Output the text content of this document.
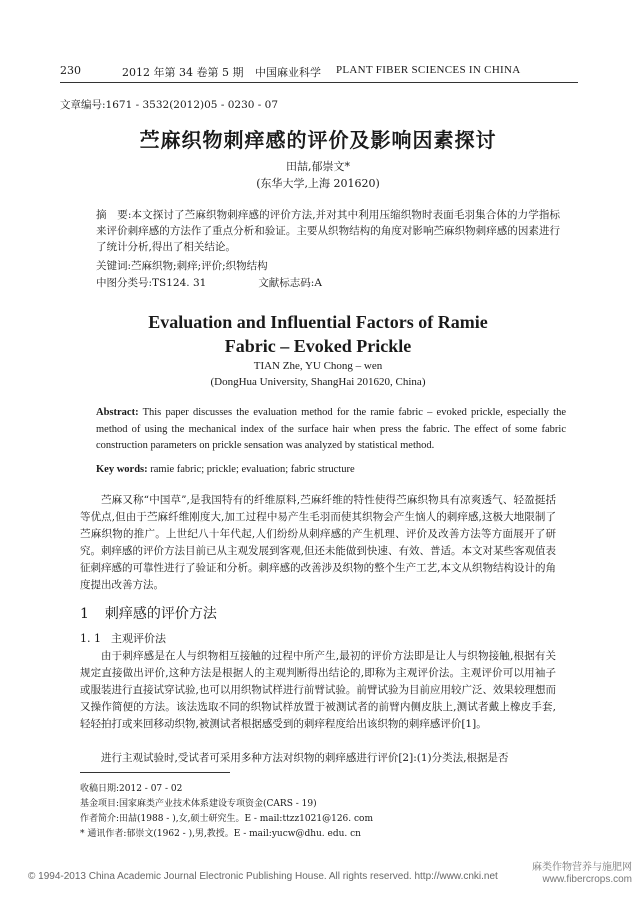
230	2012 年第 34 卷第 5 期 中国麻业科学 PLANT FIBER SCIENCES IN CHINA
文章编号:1671 - 3532(2012)05 - 0230 - 07
苎麻织物刺痒感的评价及影响因素探讨
田喆,郁崇文*
(东华大学,上海 201620)
摘　要:本文探讨了苎麻织物刺痒感的评价方法,并对其中利用压缩织物时表面毛羽集合体的力学指标来评价刺痒感的方法作了重点分析和验证。主要从织物结构的角度对影响苎麻织物刺痒感的因素进行了统计分析,得出了相关结论。
关键词:苎麻织物;刺痒;评价;织物结构
中图分类号:TS124. 31	文献标志码:A
Evaluation and Influential Factors of Ramie
Fabric – Evoked Prickle
TIAN Zhe, YU Chong – wen
(DongHua University, ShangHai 201620, China)
Abstract: This paper discusses the evaluation method for the ramie fabric – evoked prickle, especially the method of using the mechanical index of the surface hair when press the fabric. The effect of some fabric construction parameters on prickle sensation was analyzed by statistical method.
Key words: ramie fabric; prickle; evaluation; fabric structure
苎麻又称“中国草”,是我国特有的纤维原料,苎麻纤维的特性使得苎麻织物具有凉爽透气、轻盈挺括等优点,但由于苎麻纤维刚度大,加工过程中易产生毛羽而使其织物会产生恼人的刺痒感,这极大地限制了苎麻织物的推广。上世纪八十年代起,人们纷纷从刺痒感的产生机理、评价及改善方法等方面展开了研究。刺痒感的评价方法目前已从主观发展到客观,但还未能做到快速、有效、普适。本文对某些客观值表征刺痒感的可靠性进行了验证和分析。刺痒感的改善涉及织物的整个生产工艺,本文从织物结构设计的角度提出改善方法。
1 刺痒感的评价方法
1. 1 主观评价法
由于刺痒感是在人与织物相互接触的过程中所产生,最初的评价方法即是让人与织物接触,根据有关规定直接做出评价,这种方法是根据人的主观判断得出结论的,即称为主观评价法。主观评价可以用袖子或服装进行直接试穿试验,也可以用织物试样进行前臂试验。前臂试验为目前应用较广泛、效果较理想而又操作简便的方法。该法选取不同的织物试样放置于被测试者的前臂内侧皮肤上,测试者戴上橡皮手套,轻轻拍打或来回移动织物,被测试者根据感受到的刺痒程度给出该织物的刺痒感评价[1]。
进行主观试验时,受试者可采用多种方法对织物的刺痒感进行评价[2]:(1)分类法,根据是否
收稿日期:2012 - 07 - 02
基金项目:国家麻类产业技术体系建设专项资金(CARS - 19)
作者简介:田喆(1988 - ),女,硕士研究生。E - mail:ttzz1021@126. com
* 通讯作者:郁崇文(1962 - ),男,教授。E - mail:yucw@dhu. edu. cn
© 1994-2013 China Academic Journal Electronic Publishing House. All rights reserved. http://www.cnki.net
麻类作物营养与施肥网
www.fibercrops.com
